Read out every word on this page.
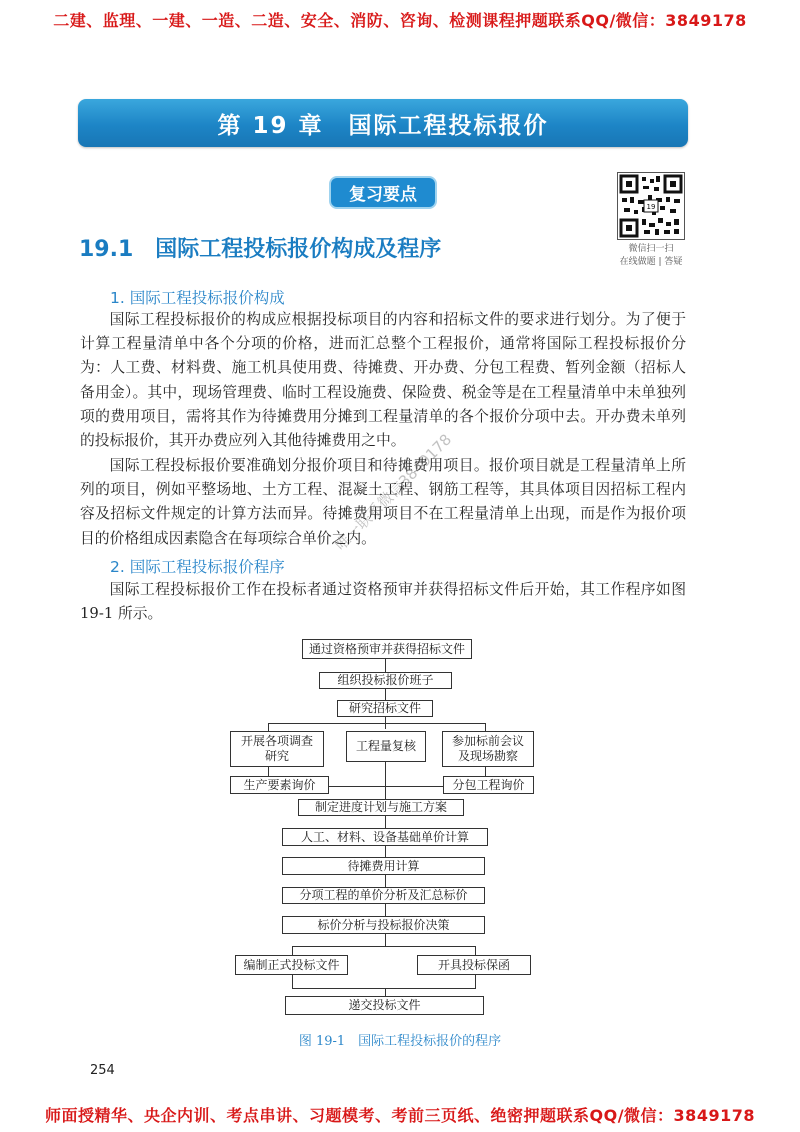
二建、监理、一建、一造、二造、安全、消防、咨询、检测课程押题联系QQ/微信：3849178
第 19 章　国际工程投标报价
复习要点
19
微信扫一扫
在线做题 | 答疑
19.1　国际工程投标报价构成及程序
1. 国际工程投标报价构成
国际工程投标报价的构成应根据投标项目的内容和招标文件的要求进行划分。为了便于计算工程量清单中各个分项的价格，进而汇总整个工程报价，通常将国际工程投标报价分为：人工费、材料费、施工机具使用费、待摊费、开办费、分包工程费、暂列金额（招标人备用金）。其中，现场管理费、临时工程设施费、保险费、税金等是在工程量清单中未单独列项的费用项目，需将其作为待摊费用分摊到工程量清单的各个报价分项中去。开办费未单列的投标报价，其开办费应列入其他待摊费用之中。
国际工程投标报价要准确划分报价项目和待摊费用项目。报价项目就是工程量清单上所列的项目，例如平整场地、土方工程、混凝土工程、钢筋工程等，其具体项目因招标工程内容及招标文件规定的计算方法而异。待摊费用项目不在工程量清单上出现，而是作为报价项目的价格组成因素隐含在每项综合单价之内。
2. 国际工程投标报价程序
国际工程投标报价工作在投标者通过资格预审并获得招标文件后开始，其工作程序如图 19-1 所示。
通过资格预审并获得招标文件
组织投标报价班子
研究招标文件
开展各项调查研究
工程量复核	参加标前会议及现场勘察
生产要素询价	分包工程询价
制定进度计划与施工方案
人工、材料、设备基础单价计算
待摊费用计算
分项工程的单价分析及汇总标价
标价分析与投标报价决策
编制正式投标文件	开具投标保函
递交投标文件
图 19-1　国际工程投标报价的程序
254
唯一联系微信3849178
师面授精华、央企内训、考点串讲、习题模考、考前三页纸、绝密押题联系QQ/微信：3849178
